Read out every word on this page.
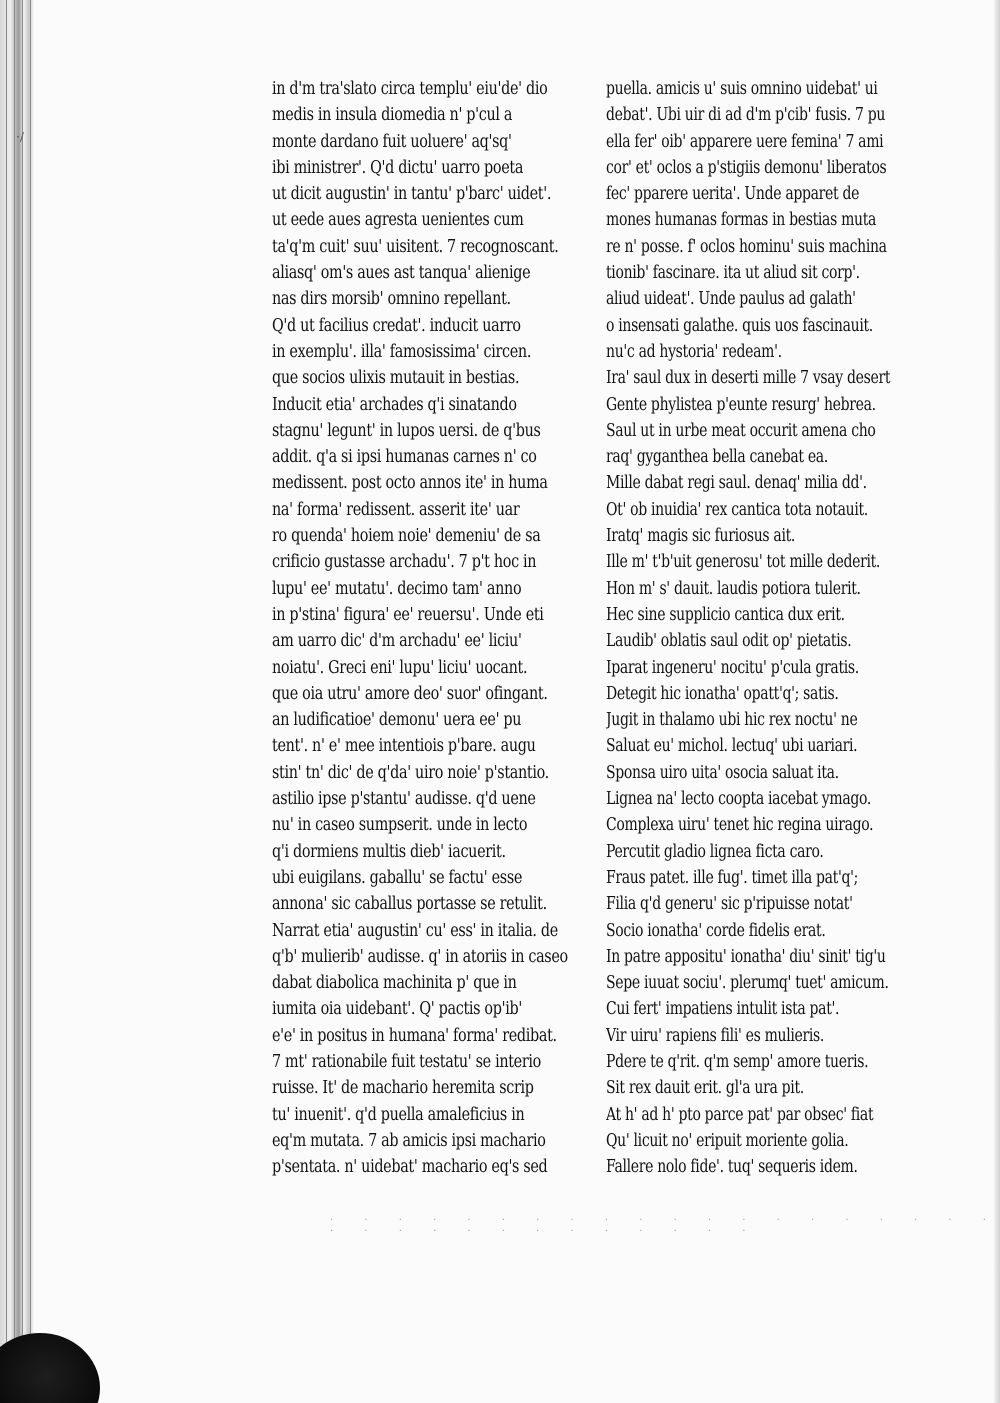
·/
in d'm tra'slato circa templu' eiu'de' dio
medis in insula diomedia n' p'cul a
monte dardano fuit uoluere' aq'sq'
ibi ministrer'. Q'd dictu' uarro poeta
ut dicit augustin' in tantu' p'barc' uidet'.
ut eede aues agresta uenientes cum
ta'q'm cuit' suu' uisitent. 7 recognoscant.
aliasq' om's aues ast tanqua' alienige
nas dirs morsib' omnino repellant.
Q'd ut facilius credat'. inducit uarro
in exemplu'. illa' famosissima' circen.
que socios ulixis mutauit in bestias.
Inducit etia' archades q'i sinatando
stagnu' legunt' in lupos uersi. de q'bus
addit. q'a si ipsi humanas carnes n' co
medissent. post octo annos ite' in huma
na' forma' redissent. asserit ite' uar
ro quenda' hoiem noie' demeniu' de sa
crificio gustasse archadu'. 7 p't hoc in
lupu' ee' mutatu'. decimo tam' anno
in p'stina' figura' ee' reuersu'. Unde eti
am uarro dic' d'm archadu' ee' liciu'
noiatu'. Greci eni' lupu' liciu' uocant.
que oia utru' amore deo' suor' ofingant.
an ludificatioe' demonu' uera ee' pu
tent'. n' e' mee intentiois p'bare. augu
stin' tn' dic' de q'da' uiro noie' p'stantio.
astilio ipse p'stantu' audisse. q'd uene
nu' in caseo sumpserit. unde in lecto
q'i dormiens multis dieb' iacuerit.
ubi euigilans. gaballu' se factu' esse
annona' sic caballus portasse se retulit.
Narrat etia' augustin' cu' ess' in italia. de
q'b' mulierib' audisse. q' in atoriis in caseo
dabat diabolica machinita p' que in
iumita oia uidebant'. Q' pactis op'ib'
e'e' in positus in humana' forma' redibat.
7 mt' rationabile fuit testatu' se interio
ruisse. It' de machario heremita scrip
tu' inuenit'. q'd puella amaleficius in
eq'm mutata. 7 ab amicis ipsi machario
p'sentata. n' uidebat' machario eq's sed
puella. amicis u' suis omnino uidebat' ui
debat'. Ubi uir di ad d'm p'cib' fusis. 7 pu
ella fer' oib' apparere uere femina' 7 ami
cor' et' oclos a p'stigiis demonu' liberatos
fec' pparere uerita'. Unde apparet de
mones humanas formas in bestias muta
re n' posse. f' oclos hominu' suis machina
tionib' fascinare. ita ut aliud sit corp'.
aliud uideat'. Unde paulus ad galath'
o insensati galathe. quis uos fascinauit.
nu'c ad hystoria' redeam'.
Ira' saul dux in deserti mille 7 vsay desert
Gente phylistea p'eunte resurg' hebrea.
Saul ut in urbe meat occurit amena cho
raq' gyganthea bella canebat ea.
Mille dabat regi saul. denaq' milia dd'.
Ot' ob inuidia' rex cantica tota notauit.
Iratq' magis sic furiosus ait.
Ille m' t'b'uit generosu' tot mille dederit.
Hon m' s' dauit. laudis potiora tulerit.
Hec sine supplicio cantica dux erit.
Laudib' oblatis saul odit op' pietatis.
Iparat ingeneru' nocitu' p'cula gratis.
Detegit hic ionatha' opatt'q'; satis.
Jugit in thalamo ubi hic rex noctu' ne
Saluat eu' michol. lectuq' ubi uariari.
Sponsa uiro uita' osocia saluat ita.
Lignea na' lecto coopta iacebat ymago.
Complexa uiru' tenet hic regina uirago.
Percutit gladio lignea ficta caro.
Fraus patet. ille fug'. timet illa pat'q';
Filia q'd generu' sic p'ripuisse notat'
Socio ionatha' corde fidelis erat.
In patre appositu' ionatha' diu' sinit' tig'u
Sepe iuuat sociu'. plerumq' tuet' amicum.
Cui fert' impatiens intulit ista pat'.
Vir uiru' rapiens fili' es mulieris.
Pdere te q'rit. q'm semp' amore tueris.
Sit rex dauit erit. gl'a ura pit.
At h' ad h' pto parce pat' par obsec' fiat
Qu' licuit no' eripuit moriente golia.
Fallere nolo fide'. tuq' sequeris idem.
· · · · · · · · · · · · · · · · · · · · · · · · · · · · · · · · ·
